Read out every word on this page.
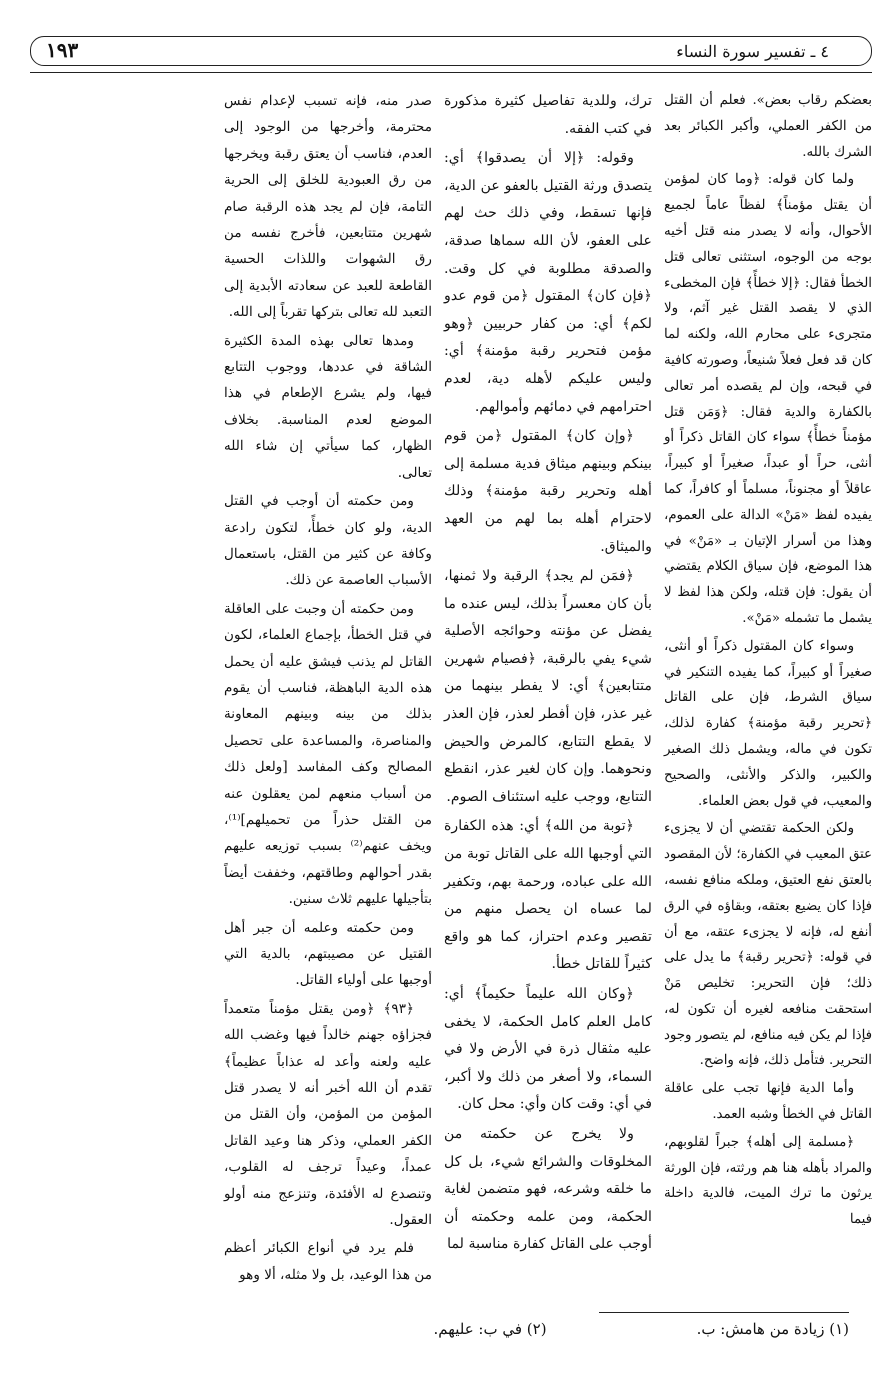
٤ ـ تفسير سورة النساء
١٩٣

بعضكم رقاب بعض». فعلم أن القتل من الكفر العملي، وأكبر الكبائر بعد الشرك بالله.

ولما كان قوله: ﴿وما كان لمؤمن أن يقتل مؤمناً﴾ لفظاً عاماً لجميع الأحوال، وأنه لا يصدر منه قتل أخيه بوجه من الوجوه، استثنى تعالى قتل الخطأ فقال: ﴿إلا خطأً﴾ فإن المخطىء الذي لا يقصد القتل غير آثم، ولا متجرىء على محارم الله، ولكنه لما كان قد فعل فعلاً شنيعاً، وصورته كافية في قبحه، وإن لم يقصده أمر تعالى بالكفارة والدية فقال: ﴿وَمَن قتل مؤمناً خطأً﴾ سواء كان القاتل ذكراً أو أنثى، حراً أو عبداً، صغيراً أو كبيراً، عاقلاً أو مجنوناً، مسلماً أو كافراً، كما يفيده لفظ «مَنْ» الدالة على العموم، وهذا من أسرار الإتيان بـ «مَنْ» في هذا الموضع، فإن سياق الكلام يقتضي أن يقول: فإن قتله، ولكن هذا لفظ لا يشمل ما تشمله «مَنْ».

وسواء كان المقتول ذكراً أو أنثى، صغيراً أو كبيراً، كما يفيده التنكير في سياق الشرط، فإن على القاتل ﴿تحرير رقبة مؤمنة﴾ كفارة لذلك، تكون في ماله، ويشمل ذلك الصغير والكبير، والذكر والأنثى، والصحيح والمعيب، في قول بعض العلماء.

ولكن الحكمة تقتضي أن لا يجزىء عتق المعيب في الكفارة؛ لأن المقصود بالعتق نفع العتيق، وملكه منافع نفسه، فإذا كان يضيع بعتقه، وبقاؤه في الرق أنفع له، فإنه لا يجزىء عتقه، مع أن في قوله: ﴿تحرير رقبة﴾ ما يدل على ذلك؛ فإن التحرير: تخليص مَنْ استحقت منافعه لغيره أن تكون له، فإذا لم يكن فيه منافع، لم يتصور وجود التحرير. فتأمل ذلك، فإنه واضح.

وأما الدية فإنها تجب على عاقلة القاتل في الخطأ وشبه العمد.

﴿مسلمة إلى أهله﴾ جبراً لقلوبهم، والمراد بأهله هنا هم ورثته، فإن الورثة يرثون ما ترك الميت، فالدية داخلة فيما

ترك، وللدية تفاصيل كثيرة مذكورة في كتب الفقه.

وقوله: ﴿إلا أن يصدقوا﴾ أي: يتصدق ورثة القتيل بالعفو عن الدية، فإنها تسقط، وفي ذلك حث لهم على العفو، لأن الله سماها صدقة، والصدقة مطلوبة في كل وقت. ﴿فإن كان﴾ المقتول ﴿من قوم عدو لكم﴾ أي: من كفار حربيين ﴿وهو مؤمن فتحرير رقبة مؤمنة﴾ أي: وليس عليكم لأهله دية، لعدم احترامهم في دمائهم وأموالهم.

﴿وإن كان﴾ المقتول ﴿من قوم بينكم وبينهم ميثاق فدية مسلمة إلى أهله وتحرير رقبة مؤمنة﴾ وذلك لاحترام أهله بما لهم من العهد والميثاق.

﴿فمَن لم يجد﴾ الرقبة ولا ثمنها، بأن كان معسراً بذلك، ليس عنده ما يفضل عن مؤنته وحوائجه الأصلية شيء يفي بالرقبة، ﴿فصيام شهرين متتابعين﴾ أي: لا يفطر بينهما من غير عذر، فإن أفطر لعذر، فإن العذر لا يقطع التتابع، كالمرض والحيض ونحوهما. وإن كان لغير عذر، انقطع التتابع، ووجب عليه استئناف الصوم.

﴿توبة من الله﴾ أي: هذه الكفارة التي أوجبها الله على القاتل توبة من الله على عباده، ورحمة بهم، وتكفير لما عساه ان يحصل منهم من تقصير وعدم احتراز، كما هو واقع كثيراً للقاتل خطأ.

﴿وكان الله عليماً حكيماً﴾ أي: كامل العلم كامل الحكمة، لا يخفى عليه مثقال ذرة في الأرض ولا في السماء، ولا أصغر من ذلك ولا أكبر، في أي: وقت كان وأي: محل كان.

ولا يخرج عن حكمته من المخلوقات والشرائع شيء، بل كل ما خلقه وشرعه، فهو متضمن لغاية الحكمة، ومن علمه وحكمته أن أوجب على القاتل كفارة مناسبة لما

صدر منه، فإنه تسبب لإعدام نفس محترمة، وأخرجها من الوجود إلى العدم، فناسب أن يعتق رقبة ويخرجها من رق العبودية للخلق إلى الحرية التامة، فإن لم يجد هذه الرقبة صام شهرين متتابعين، فأخرج نفسه من رق الشهوات واللذات الحسية القاطعة للعبد عن سعادته الأبدية إلى التعبد لله تعالى بتركها تقرباً إلى الله.

ومدها تعالى بهذه المدة الكثيرة الشاقة في عددها، ووجوب التتابع فيها، ولم يشرع الإطعام في هذا الموضع لعدم المناسبة. بخلاف الظهار، كما سيأتي إن شاء الله تعالى.

ومن حكمته أن أوجب في القتل الدية، ولو كان خطأً، لتكون رادعة وكافة عن كثير من القتل، باستعمال الأسباب العاصمة عن ذلك.

ومن حكمته أن وجبت على العاقلة في قتل الخطأ، بإجماع العلماء، لكون القاتل لم يذنب فيشق عليه أن يحمل هذه الدية الباهظة، فناسب أن يقوم بذلك من بينه وبينهم المعاونة والمناصرة، والمساعدة على تحصيل المصالح وكف المفاسد [ولعل ذلك من أسباب منعهم لمن يعقلون عنه من القتل حذراً من تحميلهم]⁽¹⁾، ويخف عنهم⁽²⁾ بسبب توزيعه عليهم بقدر أحوالهم وطاقتهم، وخففت أيضاً بتأجيلها عليهم ثلاث سنين.

ومن حكمته وعلمه أن جبر أهل القتيل عن مصيبتهم، بالدية التي أوجبها على أولياء القاتل.

﴿٩٣﴾ ﴿ومن يقتل مؤمناً متعمداً فجزاؤه جهنم خالداً فيها وغضب الله عليه ولعنه وأعد له عذاباً عظيماً﴾ تقدم أن الله أخبر أنه لا يصدر قتل المؤمن من المؤمن، وأن القتل من الكفر العملي، وذكر هنا وعيد القاتل عمداً، وعيداً ترجف له القلوب، وتنصدع له الأفئدة، وتنزعج منه أولو العقول.

فلم يرد في أنواع الكبائر أعظم من هذا الوعيد، بل ولا مثله، ألا وهو

(١) زيادة من هامش: ب.
(٢) في ب: عليهم.
